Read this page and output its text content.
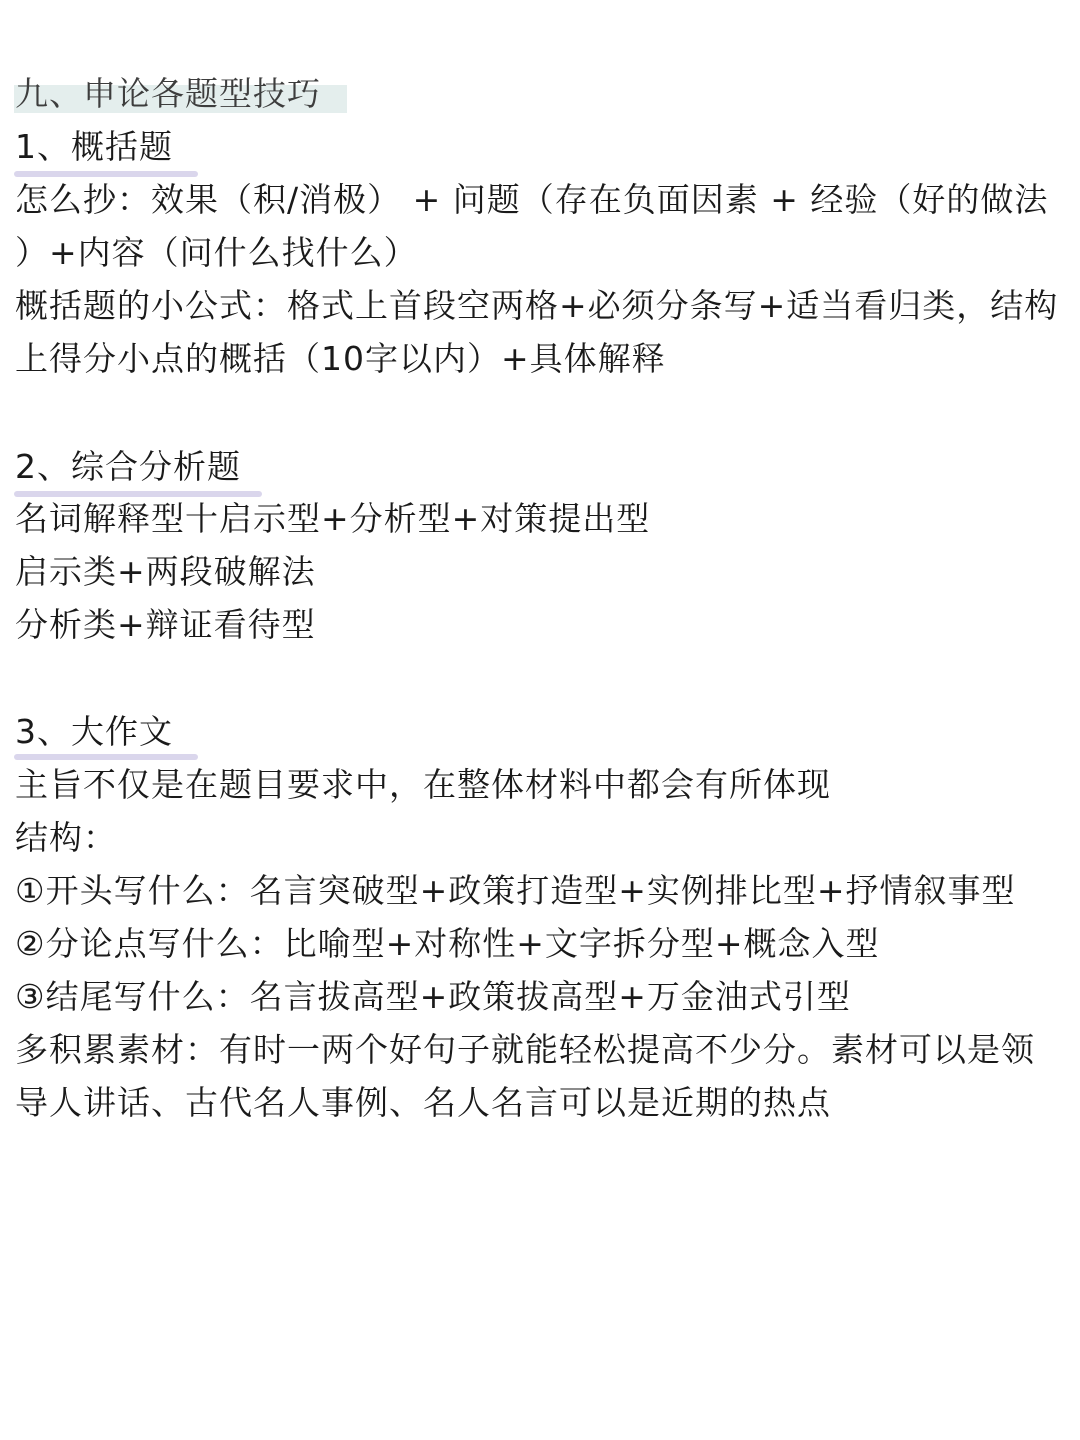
九、申论各题型技巧
1、概括题
怎么抄：效果（积/消极） + 问题（存在负面因素 + 经验（好的做法
）+内容（问什么找什么）
概括题的小公式：格式上首段空两格+必须分条写+适当看归类，结构
上得分小点的概括（10字以内）+具体解释
2、综合分析题
名词解释型十启示型+分析型+对策提出型
启示类+两段破解法
分析类+辩证看待型
3、大作文
主旨不仅是在题目要求中，在整体材料中都会有所体现
结构：
①开头写什么：名言突破型+政策打造型+实例排比型+抒情叙事型
②分论点写什么：比喻型+对称性+文字拆分型+概念入型
③结尾写什么：名言拔高型+政策拔高型+万金油式引型
多积累素材：有时一两个好句子就能轻松提高不少分。素材可以是领
导人讲话、古代名人事例、名人名言可以是近期的热点
